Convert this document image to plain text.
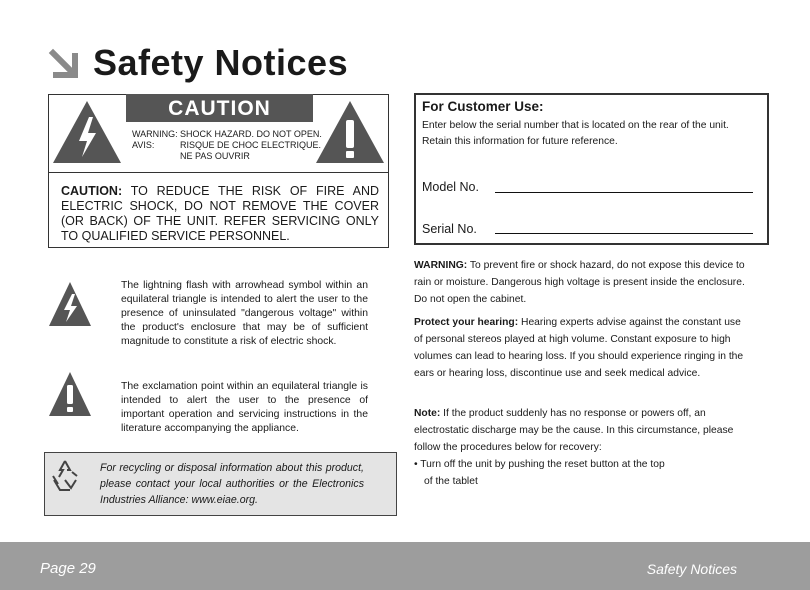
Safety Notices
CAUTION
WARNING:	SHOCK HAZARD. DO NOT OPEN.
AVIS:	RISQUE DE CHOC ELECTRIQUE.
	NE PAS OUVRIR
CAUTION: TO REDUCE THE RISK OF FIRE AND ELECTRIC SHOCK, DO NOT REMOVE THE COVER (OR BACK) OF THE UNIT. REFER SERVICING ONLY TO QUALIFIED SERVICE PERSONNEL.
The lightning flash with arrowhead symbol within an equilateral triangle is intended to alert the user to the presence of uninsulated "dangerous voltage" within the product's enclosure that may be of sufficient magnitude to constitute a risk of electric shock.
The exclamation point within an equilateral triangle is intended to alert the user to the presence of important operation and servicing instructions in the literature accompanying the appliance.
For recycling or disposal information about this product, please contact your local authorities or the Electronics Industries Alliance: www.eiae.org.
For Customer Use:
Enter below the serial number that is located on the rear of the unit. Retain this information for future reference.
Model No.
Serial No.
WARNING: To prevent fire or shock hazard, do not expose this device to rain or moisture. Dangerous high voltage is present inside the enclosure. Do not open the cabinet.
Protect your hearing: Hearing experts advise against the constant use of personal stereos played at high volume. Constant exposure to high volumes can lead to hearing loss. If you should experience ringing in the ears or hearing loss, discontinue use and seek medical advice.
Note: If the product suddenly has no response or powers off, an electrostatic discharge may be the cause. In this circumstance, please follow the procedures below for recovery:
• Turn off the unit by pushing the reset button at the top
of the tablet
Page 29	Safety Notices
